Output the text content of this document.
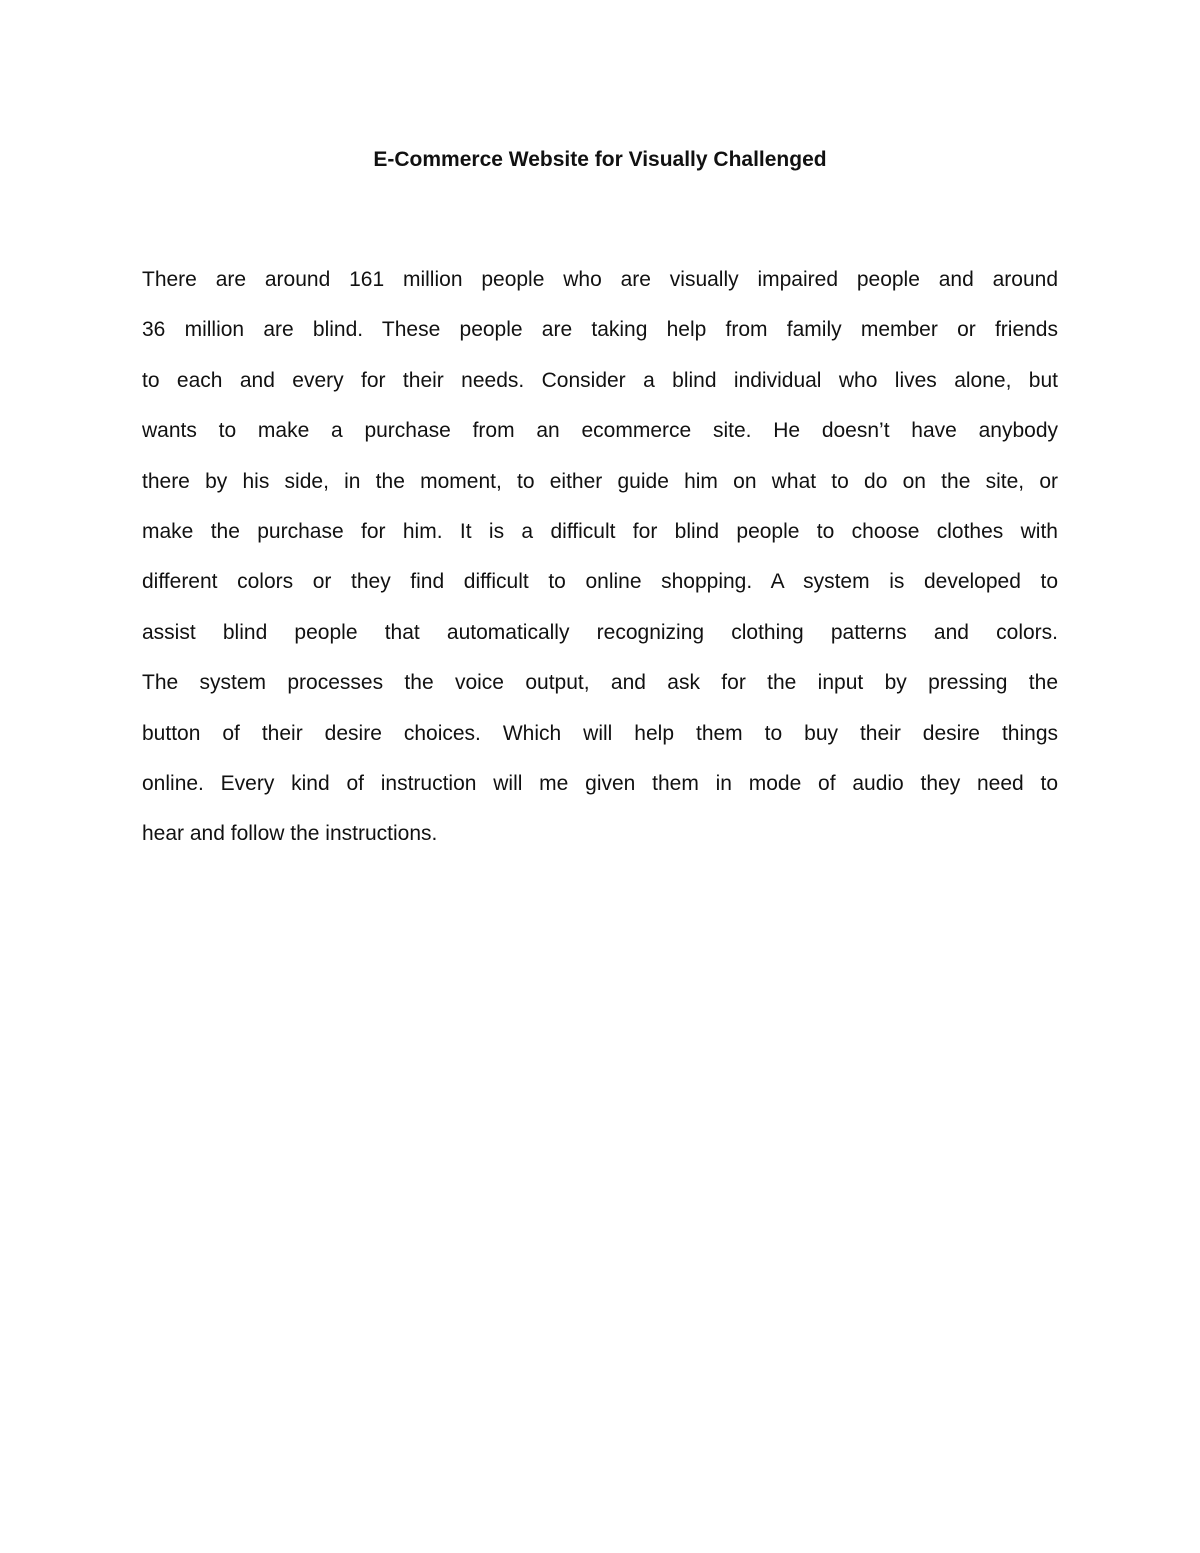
E-Commerce Website for Visually Challenged
There are around 161 million people who are visually impaired people and around
36 million are blind. These people are taking help from family member or friends
to each and every for their needs. Consider a blind individual who lives alone, but
wants to make a purchase from an ecommerce site. He doesn’t have anybody
there by his side, in the moment, to either guide him on what to do on the site, or
make the purchase for him. It is a difficult for blind people to choose clothes with
different colors or they find difficult to online shopping. A system is developed to
assist blind people that automatically recognizing clothing patterns and colors.
The system processes the voice output, and ask for the input by pressing the
button of their desire choices. Which will help them to buy their desire things
online. Every kind of instruction will me given them in mode of audio they need to
hear and follow the instructions.
